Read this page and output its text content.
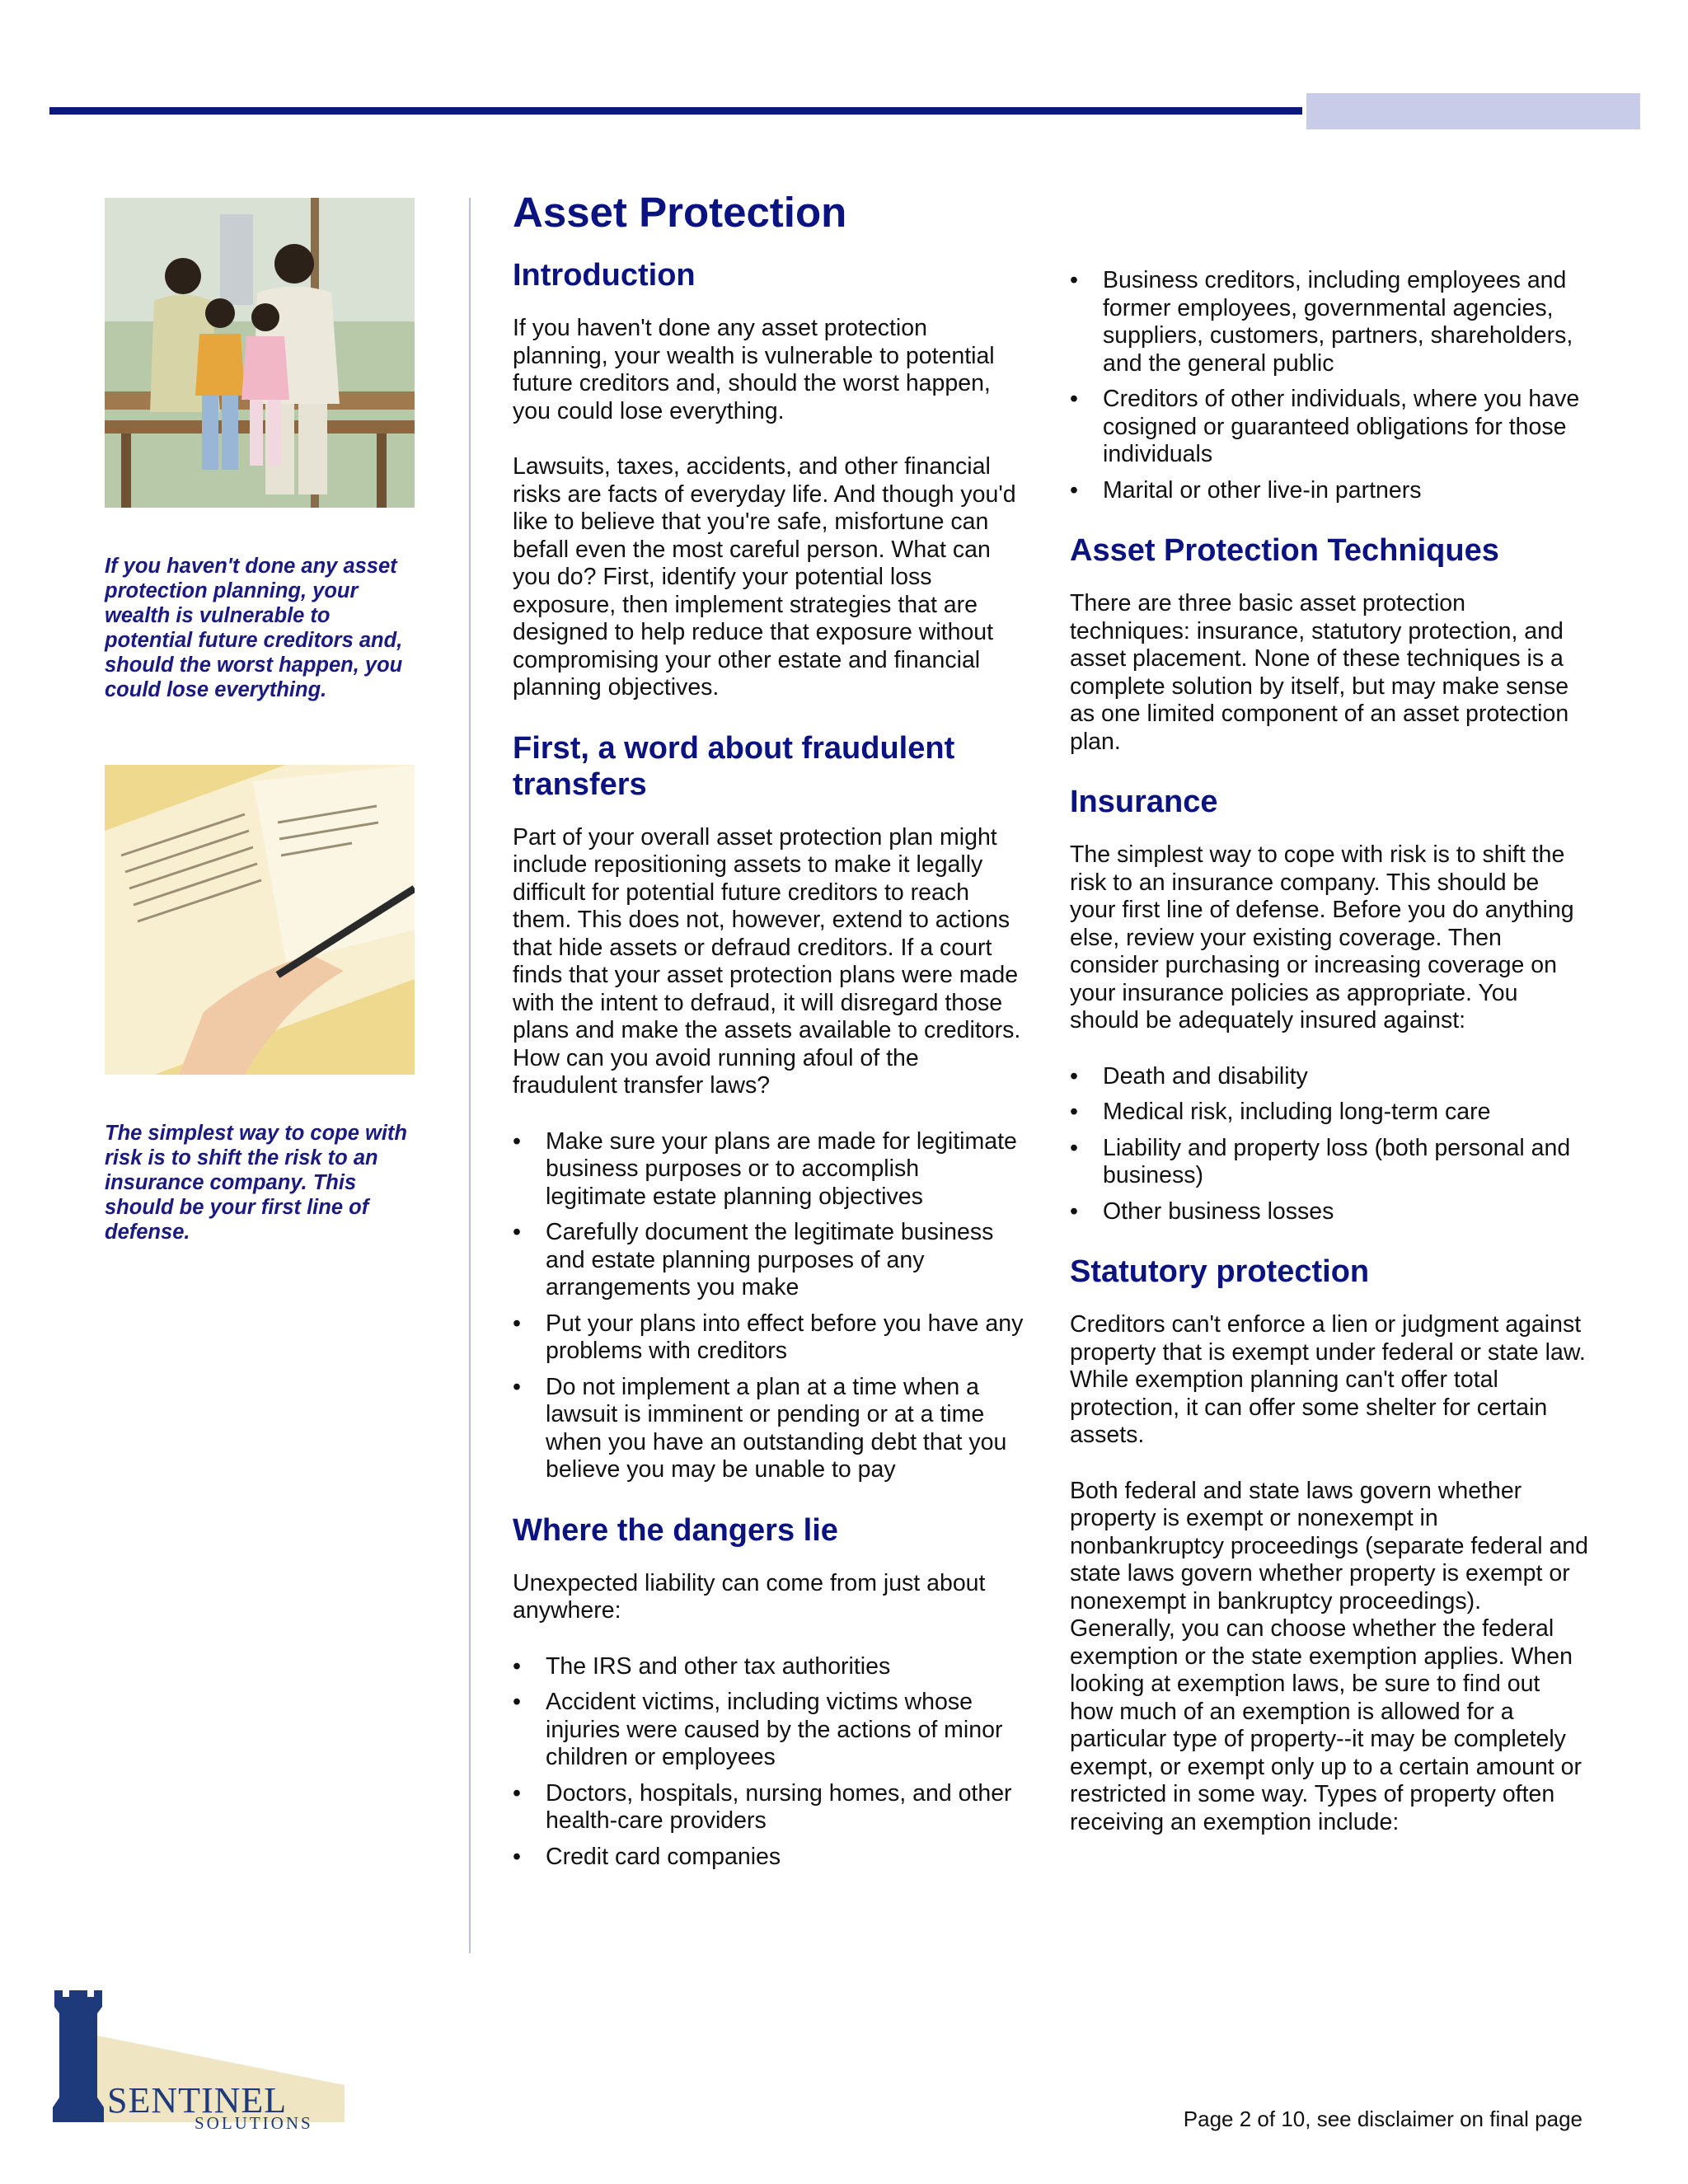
If you haven't done any asset protection planning, your wealth is vulnerable to potential future creditors and, should the worst happen, you could lose everything.

The simplest way to cope with risk is to shift the risk to an insurance company. This should be your first line of defense.

Asset Protection
Introduction

If you haven't done any asset protection planning, your wealth is vulnerable to potential future creditors and, should the worst happen, you could lose everything.

Lawsuits, taxes, accidents, and other financial risks are facts of everyday life. And though you'd like to believe that you're safe, misfortune can befall even the most careful person. What can you do? First, identify your potential loss exposure, then implement strategies that are designed to help reduce that exposure without compromising your other estate and financial planning objectives.

First, a word about fraudulent transfers

Part of your overall asset protection plan might include repositioning assets to make it legally difficult for potential future creditors to reach them. This does not, however, extend to actions that hide assets or defraud creditors. If a court finds that your asset protection plans were made with the intent to defraud, it will disregard those plans and make the assets available to creditors. How can you avoid running afoul of the fraudulent transfer laws?

• Make sure your plans are made for legitimate business purposes or to accomplish legitimate estate planning objectives
• Carefully document the legitimate business and estate planning purposes of any arrangements you make
• Put your plans into effect before you have any problems with creditors
• Do not implement a plan at a time when a lawsuit is imminent or pending or at a time when you have an outstanding debt that you believe you may be unable to pay
Where the dangers lie

Unexpected liability can come from just about anywhere:

• The IRS and other tax authorities
• Accident victims, including victims whose injuries were caused by the actions of minor children or employees
• Doctors, hospitals, nursing homes, and other health-care providers
• Credit card companies
• Business creditors, including employees and former employees, governmental agencies, suppliers, customers, partners, shareholders, and the general public
• Creditors of other individuals, where you have cosigned or guaranteed obligations for those individuals
• Marital or other live-in partners
Asset Protection Techniques

There are three basic asset protection techniques: insurance, statutory protection, and asset placement. None of these techniques is a complete solution by itself, but may make sense as one limited component of an asset protection plan.

Insurance

The simplest way to cope with risk is to shift the risk to an insurance company. This should be your first line of defense. Before you do anything else, review your existing coverage. Then consider purchasing or increasing coverage on your insurance policies as appropriate. You should be adequately insured against:

• Death and disability
• Medical risk, including long-term care
• Liability and property loss (both personal and business)
• Other business losses
Statutory protection

Creditors can't enforce a lien or judgment against property that is exempt under federal or state law. While exemption planning can't offer total protection, it can offer some shelter for certain assets.

Both federal and state laws govern whether property is exempt or nonexempt in nonbankruptcy proceedings (separate federal and state laws govern whether property is exempt or nonexempt in bankruptcy proceedings). Generally, you can choose whether the federal exemption or the state exemption applies. When looking at exemption laws, be sure to find out how much of an exemption is allowed for a particular type of property--it may be completely exempt, or exempt only up to a certain amount or restricted in some way. Types of property often receiving an exemption include:

SENTINEL
SOLUTIONS	Page 2 of 10, see disclaimer on final page
